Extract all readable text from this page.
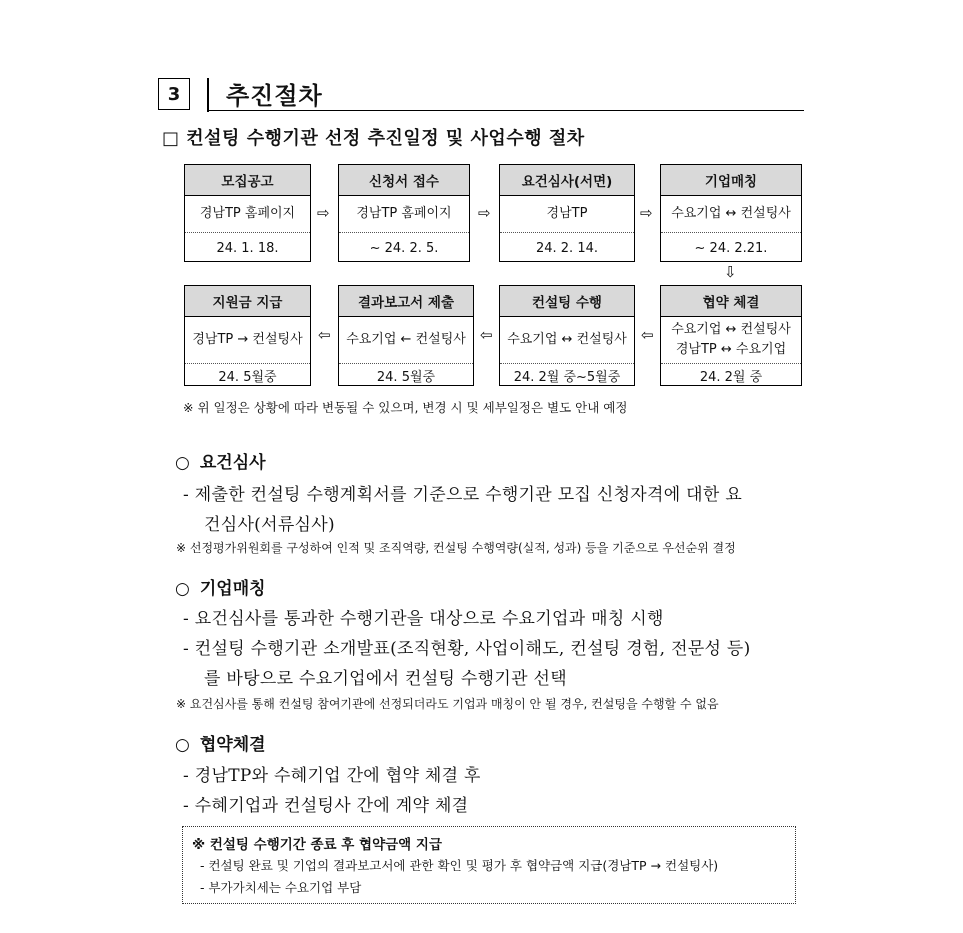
3	추진절차
□ 컨설팅 수행기관 선정 추진일정 및 사업수행 절차
모집공고
경남TP 홈페이지
24. 1. 18.
신청서 접수
경남TP 홈페이지
~ 24. 2. 5.
요건심사(서면)
경남TP
24. 2. 14.
기업매칭
수요기업 ↔ 컨설팅사
~ 24. 2.21.
⇨	⇨	⇨
⇩
지원금 지급
경남TP → 컨설팅사
24. 5월중
결과보고서 제출
수요기업 ← 컨설팅사
24. 5월중
컨설팅 수행
수요기업 ↔ 컨설팅사
24. 2월 중~5월중
협약 체결
수요기업 ↔ 컨설팅사
경남TP ↔ 수요기업
24. 2월 중
⇦	⇦	⇦
※ 위 일정은 상황에 따라 변동될 수 있으며, 변경 시 및 세부일정은 별도 안내 예정
○ 요건심사
- 제출한 컨설팅 수행계획서를 기준으로 수행기관 모집 신청자격에 대한 요
건심사(서류심사)
※ 선정평가위원회를 구성하여 인적 및 조직역량, 컨설팅 수행역량(실적, 성과) 등을 기준으로 우선순위 결정
○ 기업매칭
- 요건심사를 통과한 수행기관을 대상으로 수요기업과 매칭 시행
- 컨설팅 수행기관 소개발표(조직현황, 사업이해도, 컨설팅 경험, 전문성 등)
를 바탕으로 수요기업에서 컨설팅 수행기관 선택
※ 요건심사를 통해 컨설팅 참여기관에 선정되더라도 기업과 매칭이 안 될 경우, 컨설팅을 수행할 수 없음
○ 협약체결
- 경남TP와 수혜기업 간에 협약 체결 후
- 수혜기업과 컨설팅사 간에 계약 체결
※ 컨설팅 수행기간 종료 후 협약금액 지급
- 컨설팅 완료 및 기업의 결과보고서에 관한 확인 및 평가 후 협약금액 지급(경남TP → 컨설팅사)
- 부가가치세는 수요기업 부담
